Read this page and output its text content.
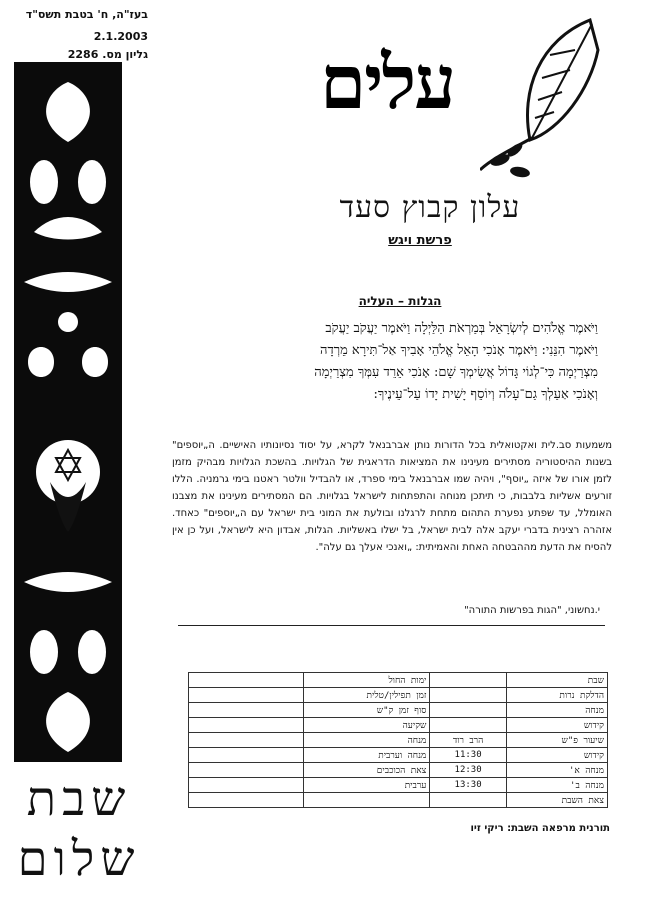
בעז"ה, ח' בטבת תשס"ד
2.1.2003
גליון מס. 2286
שבת
שלום
עלים
עלון קבוץ סעד
פרשת ויגש
הגלות – העליה
וַיֹּאמֶר אֱלֹהִים לְיִשְׂרָאֵל בְּמַרְאֹת הַלַּיְלָה וַיֹּאמֶר יַעֲקֹב יַעֲקֹב
וַיֹּאמֶר הִנֵּנִי: וַיֹּאמֶר אָנֹכִי הָאֵל אֱלֹהֵי אָבִיךָ אַל־תִּירָא מֵרְדָה
מִצְרַיְמָה כִּי־לְגוֹי גָּדוֹל אֲשִׂימְךָ שָׁם: אָנֹכִי אֵרֵד עִמְּךָ מִצְרַיְמָה
וְאָנֹכִי אַעַלְךָ גַם־עָלֹה וְיוֹסֵף יָשִׁית יָדוֹ עַל־עֵינֶיךָ:
משמעות סב.לית ואקטואלית בכל הדורות נותן אברבנאל לקרא, על יסוד נסיונותיו האישיים. ה„יוספים" בשנות ההיסטוריה מסתירים מעינינו את המציאות הדראגית של הגלויות. בהשכת הגלויות מבהיק מזמן לזמן אורו של איזה „יוסף", ויהיה שמו אברבנאל בימי ספרד, או להבדיל וולטר ראטנו בימי גרמניה. הללו זורעים אשליות בלבבות, כי תיתכן מנוחה והתפתחות לישראל בגלויות. הם המסתירים מעינינו את מצבנו האומלל, עד שפתע נפערת התהום מתחת לרגלנו ובולעת את המוני בית ישראל עם ה„יוספים" כאחד. אזהרה רצינית בדברי יעקב אלה לבית ישראל, בל ישלו באשליות. הגלות, אבדון היא לישראל, ועל כן אין להסיח את הדעת מההבטחה האחת והאמיתית: „ואנכי אעלך גם עלה".
י.נחשוני, "הגות בפרשות התורה"
שבת		ימות החול	
הדלקת נרות		זמן תפילין/טלית	
מנחה		סוף זמן ק"ש	
קידוש		שקיעה	
שיעור פ"ש	הרב רוד	מנחה	
קידוש	11:30	מנחה וערבית	
מנחה א'	12:30	צאת הכוכבים	
מנחה ב'	13:30	ערבית	
צאת השבת			
תורנית מרפאה השבת: ריקי זיו
